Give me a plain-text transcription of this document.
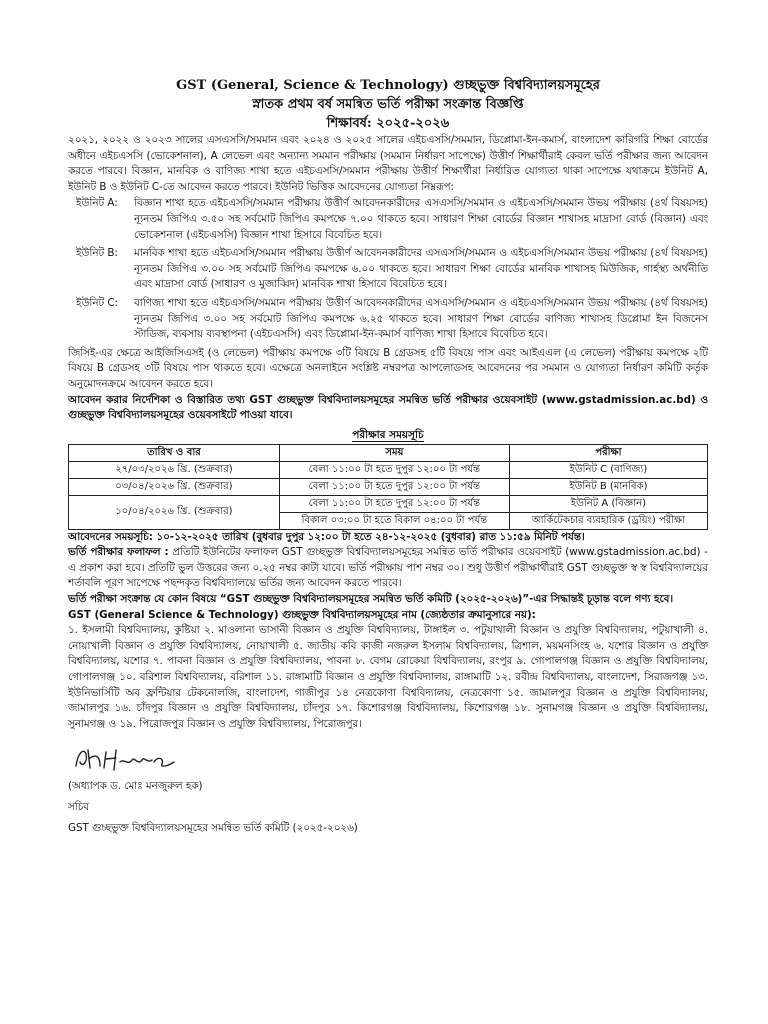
GST (General, Science & Technology) গুচ্ছভুক্ত বিশ্ববিদ্যালয়সমূহের
স্নাতক প্রথম বর্ষ সমন্বিত ভর্তি পরীক্ষা সংক্রান্ত বিজ্ঞপ্তি
শিক্ষাবর্ষ: ২০২৫-২০২৬

২০২১, ২০২২ ও ২০২৩ সালের এসএসসি/সমমান এবং ২০২৪ ও ২০২৫ সালের এইচএসসি/সমমান, ডিপ্লোমা-ইন-কমার্স, বাংলাদেশ কারিগরি শিক্ষা বোর্ডের অধীনে এইচএসসি (ভোকেশনাল), A লেভেল এবং অন্যান্য সমমান পরীক্ষায় (সমমান নির্ধারণ সাপেক্ষে) উত্তীর্ণ শিক্ষার্থীরাই কেবল ভর্তি পরীক্ষার জন্য আবেদন করতে পারবে। বিজ্ঞান, মানবিক ও বাণিজ্য শাখা হতে এইচএসসি/সমমান পরীক্ষায় উত্তীর্ণ শিক্ষার্থীরা নির্ধারিত যোগ্যতা থাকা সাপেক্ষে যথাক্রমে ইউনিট A, ইউনিট B ও ইউনিট C-তে আবেদন করতে পারবে। ইউনিট ভিত্তিক আবেদনের যোগ্যতা নিম্নরূপ:

ইউনিট A:	বিজ্ঞান শাখা হতে এইচএসসি/সমমান পরীক্ষায় উত্তীর্ণ আবেদনকারীদের এসএসসি/সমমান ও এইচএসসি/সমমান উভয় পরীক্ষায় (৪র্থ বিষয়সহ) ন্যূনতম জিপিএ ৩.৫০ সহ সর্বমোট জিপিএ কমপক্ষে ৭.০০ থাকতে হবে। সাধারণ শিক্ষা বোর্ডের বিজ্ঞান শাখাসহ মাদ্রাসা বোর্ড (বিজ্ঞান) এবং ভোকেশনাল (এইচএসসি) বিজ্ঞান শাখা হিসাবে বিবেচিত হবে।
ইউনিট B:	মানবিক শাখা হতে এইচএসসি/সমমান পরীক্ষায় উত্তীর্ণ আবেদনকারীদের এসএসসি/সমমান ও এইচএসসি/সমমান উভয় পরীক্ষায় (৪র্থ বিষয়সহ) ন্যূনতম জিপিএ ৩.০০ সহ সর্বমোট জিপিএ কমপক্ষে ৬.০০ থাকতে হবে। সাধারণ শিক্ষা বোর্ডের মানবিক শাখাসহ মিউজিক, গার্হস্থ্য অর্থনীতি এবং মাদ্রাসা বোর্ড (সাধারণ ও মুজাব্বিদ) মানবিক শাখা হিসাবে বিবেচিত হবে।
ইউনিট C:	বাণিজ্য শাখা হতে এইচএসসি/সমমান পরীক্ষায় উত্তীর্ণ আবেদনকারীদের এসএসসি/সমমান ও এইচএসসি/সমমান উভয় পরীক্ষায় (৪র্থ বিষয়সহ) ন্যূনতম জিপিএ ৩.০০ সহ সর্বমোট জিপিএ কমপক্ষে ৬.২৫ থাকতে হবে। সাধারণ শিক্ষা বোর্ডের বাণিজ্য শাখাসহ ডিপ্লোমা ইন বিজনেস স্টাডিজ, ব্যবসায় ব্যবস্থাপনা (এইচএসসি) এবং ডিপ্লোমা-ইন-কমার্স বাণিজ্য শাখা হিসাবে বিবেচিত হবে।

জিসিই-এর ক্ষেত্রে আইজিসিএসই (ও লেভেল) পরীক্ষায় কমপক্ষে ৩টি বিষয়ে B গ্রেডসহ ৫টি বিষয়ে পাস এবং আইএএল (এ লেভেল) পরীক্ষায় কমপক্ষে ২টি বিষয়ে B গ্রেডসহ ৩টি বিষয়ে পাস থাকতে হবে। এক্ষেত্রে অনলাইনে সংশ্লিষ্ট নম্বরপত্র আপলোডসহ আবেদনের পর সমমান ও যোগ্যতা নির্ধারণ কমিটি কর্তৃক অনুমোদনক্রমে আবেদন করতে হবে।

আবেদন করার নির্দেশিকা ও বিস্তারিত তথ্য GST গুচ্ছভুক্ত বিশ্ববিদ্যালয়সমূহের সমন্বিত ভর্তি পরীক্ষার ওয়েবসাইট (www.gstadmission.ac.bd) ও গুচ্ছভুক্ত বিশ্ববিদ্যালয়সমূহের ওয়েবসাইটে পাওয়া যাবে।

পরীক্ষার সময়সূচি
তারিখ ও বার	সময়	পরীক্ষা
২৭/০৩/২০২৬ খ্রি. (শুক্রবার)	বেলা ১১:০০ টা হতে দুপুর ১২:০০ টা পর্যন্ত	ইউনিট C (বাণিজ্য)
০৩/০৪/২০২৬ খ্রি. (শুক্রবার)	বেলা ১১:০০ টা হতে দুপুর ১২:০০ টা পর্যন্ত	ইউনিট B (মানবিক)
১০/০৪/২০২৬ খ্রি. (শুক্রবার)	বেলা ১১:০০ টা হতে দুপুর ১২:০০ টা পর্যন্ত	ইউনিট A (বিজ্ঞান)
	বিকাল ০৩:০০ টা হতে বিকাল ০৪:০০ টা পর্যন্ত	আর্কিটেকচার ব্যবহারিক (ড্রয়িং) পরীক্ষা

আবেদনের সময়সূচি: ১০-১২-২০২৫ তারিখ (বুধবার দুপুর ১২:০০ টা হতে ২৪-১২-২০২৫ (বুধবার) রাত ১১:৫৯ মিনিট পর্যন্ত।

ভর্তি পরীক্ষার ফলাফল : প্রতিটি ইউনিটের ফলাফল GST গুচ্ছভুক্ত বিশ্ববিদ্যালয়সমূহের সমন্বিত ভর্তি পরীক্ষার ওয়েবসাইট (www.gstadmission.ac.bd) - এ প্রকাশ করা হবে। প্রতিটি ভুল উত্তরের জন্য ০.২৫ নম্বর কাটা যাবে। ভর্তি পরীক্ষায় পাশ নম্বর ৩০। শুধু উত্তীর্ণ পরীক্ষার্থীরাই GST গুচ্ছভুক্ত স্ব স্ব বিশ্ববিদ্যালয়ের শর্তাবলি পূরণ সাপেক্ষে পছন্দকৃত বিশ্ববিদ্যালয়ে ভর্তির জন্য আবেদন করতে পারবে।

ভর্তি পরীক্ষা সংক্রান্ত যে কোন বিষয়ে “GST গুচ্ছভুক্ত বিশ্ববিদ্যালয়সমূহের সমন্বিত ভর্তি কমিটি (২০২৫-২০২৬)”-এর সিদ্ধান্তই চূড়ান্ত বলে গণ্য হবে।

GST (General Science & Technology) গুচ্ছভুক্ত বিশ্ববিদ্যালয়সমূহের নাম (জ্যেষ্ঠতার ক্রমানুসারে নয়):

১. ইসলামী বিশ্ববিদ্যালয়, কুষ্টিয়া ২. মাওলানা ভাসানী বিজ্ঞান ও প্রযুক্তি বিশ্ববিদ্যালয়, টাঙ্গাইল ৩. পটুয়াখালী বিজ্ঞান ও প্রযুক্তি বিশ্ববিদ্যালয়, পটুয়াখালী ৪. নোয়াখালী বিজ্ঞান ও প্রযুক্তি বিশ্ববিদ্যালয়, নোয়াখালী ৫. জাতীয় কবি কাজী নজরুল ইসলাম বিশ্ববিদ্যালয়, ত্রিশাল, ময়মনসিংহ ৬. যশোর বিজ্ঞান ও প্রযুক্তি বিশ্ববিদ্যালয়, যশোর ৭. পাবনা বিজ্ঞান ও প্রযুক্তি বিশ্ববিদ্যালয়, পাবনা ৮. বেগম রোকেয়া বিশ্ববিদ্যালয়, রংপুর ৯. গোপালগঞ্জ বিজ্ঞান ও প্রযুক্তি বিশ্ববিদ্যালয়, গোপালগঞ্জ ১০. বরিশাল বিশ্ববিদ্যালয়, বরিশাল ১১. রাঙ্গামাটি বিজ্ঞান ও প্রযুক্তি বিশ্ববিদ্যালয়, রাঙ্গামাটি ১২. রবীন্দ্র বিশ্ববিদ্যালয়, বাংলাদেশ, সিরাজগঞ্জ ১৩. ইউনিভার্সিটি অব ফ্রন্টিয়ার টেকনোলজি, বাংলাদেশ, গাজীপুর ১৪ নেত্রকোণা বিশ্ববিদ্যালয়, নেত্রকোণা ১৫. জামালপুর বিজ্ঞান ও প্রযুক্তি বিশ্ববিদ্যালয়, জামালপুর ১৬. চাঁদপুর বিজ্ঞান ও প্রযুক্তি বিশ্ববিদ্যালয়, চাঁদপুর ১৭. কিশোরগঞ্জ বিশ্ববিদ্যালয়, কিশোরগঞ্জ ১৮. সুনামগঞ্জ বিজ্ঞান ও প্রযুক্তি বিশ্ববিদ্যালয়, সুনামগঞ্জ ও ১৯. পিরোজপুর বিজ্ঞান ও প্রযুক্তি বিশ্ববিদ্যালয়, পিরোজপুর।

(অধ্যাপক ড. মোঃ মনজুরুল হক)

সচিব

GST গুচ্ছভুক্ত বিশ্ববিদ্যালয়সমূহের সমন্বিত ভর্তি কমিটি (২০২৫-২০২৬)
